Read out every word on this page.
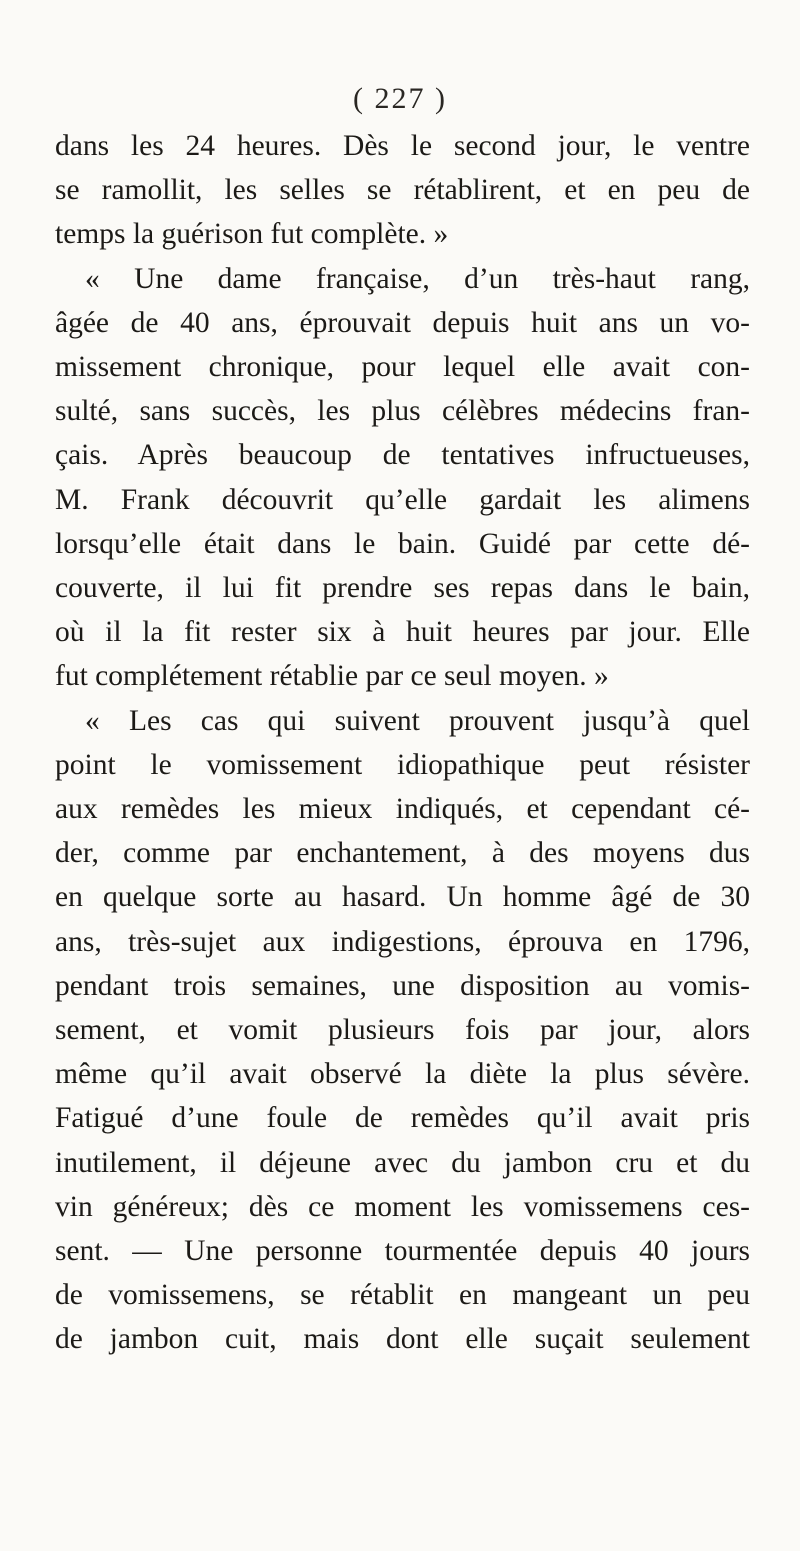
( 227 )
dans les 24 heures. Dès le second jour, le ventre
se ramollit, les selles se rétablirent, et en peu de
temps la guérison fut complète. »
« Une dame française, d’un très-haut rang,
âgée de 40 ans, éprouvait depuis huit ans un vo-
missement chronique, pour lequel elle avait con-
sulté, sans succès, les plus célèbres médecins fran-
çais. Après beaucoup de tentatives infructueuses,
M. Frank découvrit qu’elle gardait les alimens
lorsqu’elle était dans le bain. Guidé par cette dé-
couverte, il lui fit prendre ses repas dans le bain,
où il la fit rester six à huit heures par jour. Elle
fut complétement rétablie par ce seul moyen. »
« Les cas qui suivent prouvent jusqu’à quel
point le vomissement idiopathique peut résister
aux remèdes les mieux indiqués, et cependant cé-
der, comme par enchantement, à des moyens dus
en quelque sorte au hasard. Un homme âgé de 30
ans, très-sujet aux indigestions, éprouva en 1796,
pendant trois semaines, une disposition au vomis-
sement, et vomit plusieurs fois par jour, alors
même qu’il avait observé la diète la plus sévère.
Fatigué d’une foule de remèdes qu’il avait pris
inutilement, il déjeune avec du jambon cru et du
vin généreux; dès ce moment les vomissemens ces-
sent. — Une personne tourmentée depuis 40 jours
de vomissemens, se rétablit en mangeant un peu
de jambon cuit, mais dont elle suçait seulement
